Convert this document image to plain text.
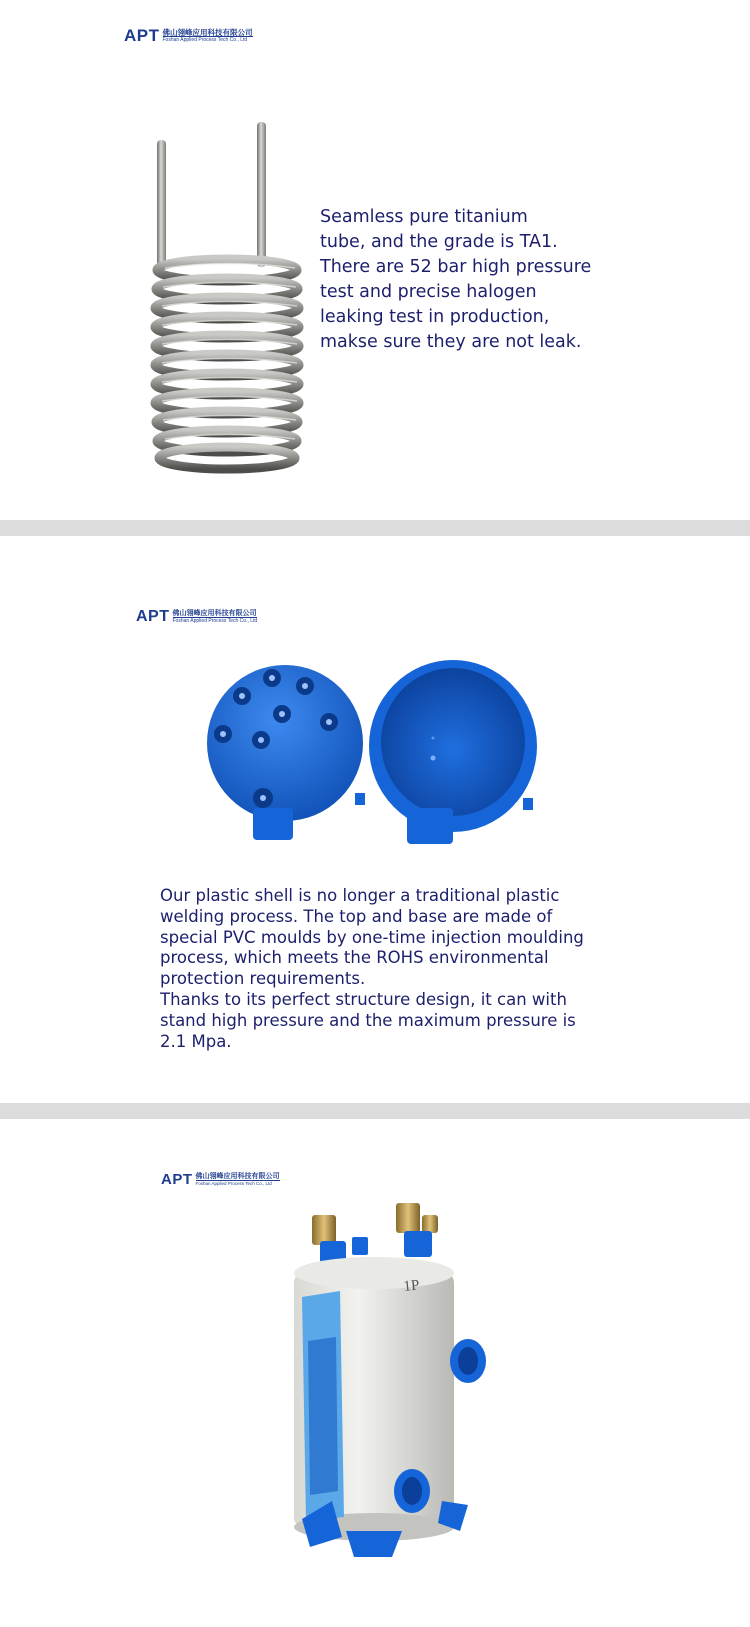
APT 佛山翎峰应用科技有限公司
Foshan Applied Process Tech Co., Ltd

Seamless pure titanium
tube, and the grade is TA1.
There are 52 bar high pressure
test and precise halogen
leaking test in production,
makse sure they are not leak.

APT 佛山翎峰应用科技有限公司
Foshan Applied Process Tech Co., Ltd

Our plastic shell is no longer a traditional plastic
welding process. The top and base are made of
special PVC moulds by one-time injection moulding
process, which meets the ROHS environmental
protection requirements.
Thanks to its perfect structure design, it can with
stand high pressure and the maximum pressure is
2.1 Mpa.

APT 佛山翎峰应用科技有限公司
Foshan Applied Process Tech Co., Ltd
1P
